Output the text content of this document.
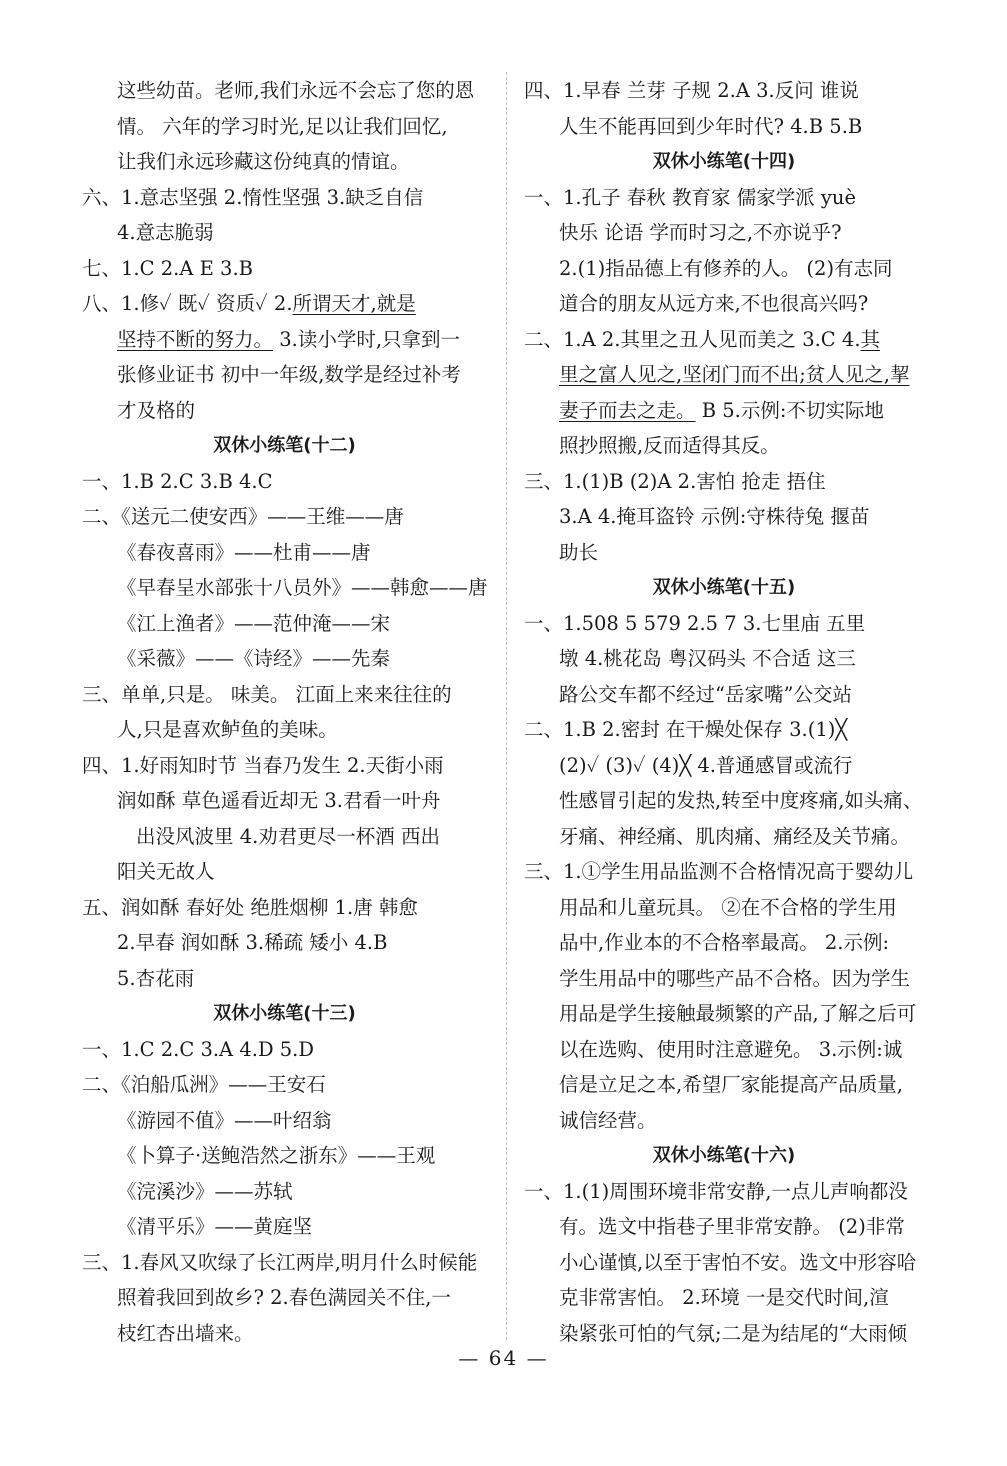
这些幼苗。老师,我们永远不会忘了您的恩
情。 六年的学习时光,足以让我们回忆,
让我们永远珍藏这份纯真的情谊。
六、1.意志坚强 2.惰性坚强 3.缺乏自信
4.意志脆弱
七、1.C 2.A E 3.B
八、1.修✓ 既✓ 资质✓ 2.所谓天才,就是
坚持不断的努力。 3.读小学时,只拿到一
张修业证书 初中一年级,数学是经过补考
才及格的
双休小练笔(十二)
一、1.B 2.C 3.B 4.C
二、《送元二使安西》——王维——唐
《春夜喜雨》——杜甫——唐
《早春呈水部张十八员外》——韩愈——唐
《江上渔者》——范仲淹——宋
《采薇》——《诗经》——先秦
三、单单,只是。 味美。 江面上来来往往的
人,只是喜欢鲈鱼的美味。
四、1.好雨知时节 当春乃发生 2.天街小雨
润如酥 草色遥看近却无 3.君看一叶舟
出没风波里 4.劝君更尽一杯酒 西出
阳关无故人
五、润如酥 春好处 绝胜烟柳 1.唐 韩愈
2.早春 润如酥 3.稀疏 矮小 4.B
5.杏花雨
双休小练笔(十三)
一、1.C 2.C 3.A 4.D 5.D
二、《泊船瓜洲》——王安石
《游园不值》——叶绍翁
《卜算子·送鲍浩然之浙东》——王观
《浣溪沙》——苏轼
《清平乐》——黄庭坚
三、1.春风又吹绿了长江两岸,明月什么时候能
照着我回到故乡? 2.春色满园关不住,一
枝红杏出墙来。
四、1.早春 兰芽 子规 2.A 3.反问 谁说
人生不能再回到少年时代? 4.B 5.B
双休小练笔(十四)
一、1.孔子 春秋 教育家 儒家学派 yuè
快乐 论语 学而时习之,不亦说乎?
2.(1)指品德上有修养的人。 (2)有志同
道合的朋友从远方来,不也很高兴吗?
二、1.A 2.其里之丑人见而美之 3.C 4.其
里之富人见之,坚闭门而不出;贫人见之,挈
妻子而去之走。 B 5.示例:不切实际地
照抄照搬,反而适得其反。
三、1.(1)B (2)A 2.害怕 抢走 捂住
3.A 4.掩耳盗铃 示例:守株待兔 揠苗
助长
双休小练笔(十五)
一、1.508 5 579 2.5 7 3.七里庙 五里
墩 4.桃花岛 粤汉码头 不合适 这三
路公交车都不经过“岳家嘴”公交站
二、1.B 2.密封 在干燥处保存 3.(1)╳
(2)✓ (3)✓ (4)╳ 4.普通感冒或流行
性感冒引起的发热,转至中度疼痛,如头痛、
牙痛、神经痛、肌肉痛、痛经及关节痛。
三、1.①学生用品监测不合格情况高于婴幼儿
用品和儿童玩具。 ②在不合格的学生用
品中,作业本的不合格率最高。 2.示例:
学生用品中的哪些产品不合格。因为学生
用品是学生接触最频繁的产品,了解之后可
以在选购、使用时注意避免。 3.示例:诚
信是立足之本,希望厂家能提高产品质量,
诚信经营。
双休小练笔(十六)
一、1.(1)周围环境非常安静,一点儿声响都没
有。选文中指巷子里非常安静。 (2)非常
小心谨慎,以至于害怕不安。选文中形容哈
克非常害怕。 2.环境 一是交代时间,渲
染紧张可怕的气氛;二是为结尾的“大雨倾
— 64 —
